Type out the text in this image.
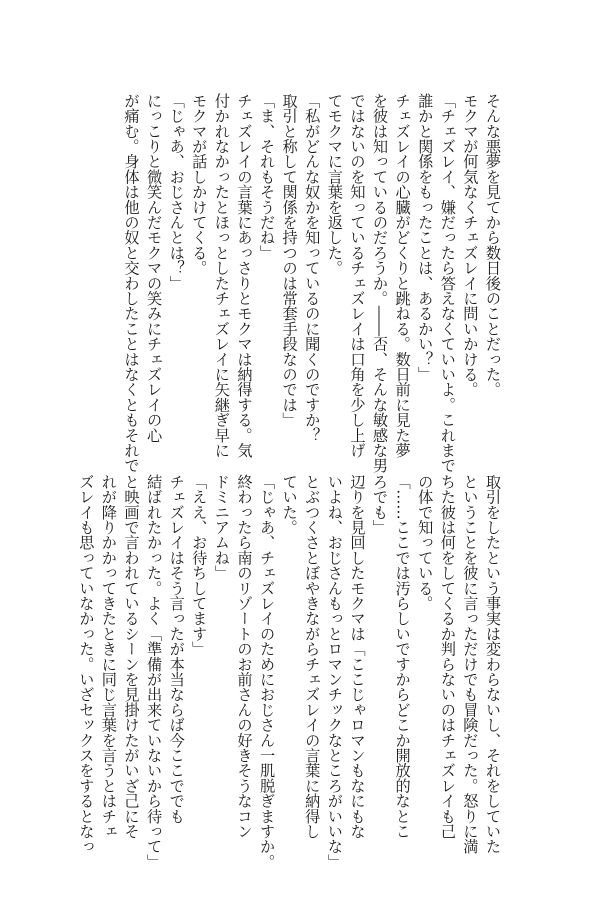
そんな悪夢を見てから数日後のことだった。
モクマが何気なくチェズレイに問いかける。
「チェズレイ、嫌だったら答えなくていいよ。これまで
誰かと関係をもったことは、あるかい？」
チェズレイの心臓がどくりと跳ねる。数日前に見た夢
を彼は知っているのだろうか。――否、そんな敏感な男
ではないのを知っているチェズレイは口角を少し上げ
てモクマに言葉を返した。
「私がどんな奴かを知っているのに聞くのですか？
取引と称して関係を持つのは常套手段なのでは」
「ま、それもそうだね」
チェズレイの言葉にあっさりとモクマは納得する。気
付かれなかったとほっとしたチェズレイに矢継ぎ早に
モクマが話しかけてくる。
「じゃあ、おじさんとは？」
にっこりと微笑んだモクマの笑みにチェズレイの心
が痛む。身体は他の奴と交わしたことはなくともそれで
取引をしたという事実は変わらないし、それをしていた
ということを彼に言っただけでも冒険だった。怒りに満
ちた彼は何をしてくるか判らないのはチェズレイも己
の体で知っている。
「……ここでは汚らしいですからどこか開放的なとこ
ろでも」
辺りを見回したモクマは「ここじゃロマンもなにもな
いよね、おじさんもっとロマンチックなところがいいな」
とぶつくさとぼやきながらチェズレイの言葉に納得し
ていた。
「じゃあ、チェズレイのためにおじさん一肌脱ぎますか。
終わったら南のリゾートのお前さんの好きそうなコン
ドミニアムね」
「ええ、お待ちしてます」
チェズレイはそう言ったが本当ならば今ここででも
結ばれたかった。よく「準備が出来ていないから待って」
と映画で言われているシーンを見掛けたがいざ己にそ
れが降りかかってきたときに同じ言葉を言うとはチェ
ズレイも思っていなかった。いざセックスをするとなっ
